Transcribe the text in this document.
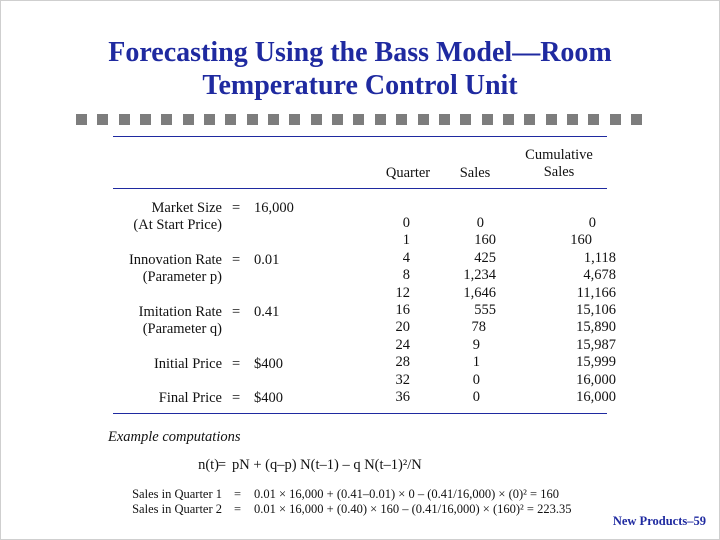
Forecasting Using the Bass Model—Room
Temperature Control Unit
Quarter	Sales
Cumulative
Sales
Market Size
(At Start Price)
= 16,000
Innovation Rate
(Parameter p)
= 0.01
Imitation Rate
(Parameter q)
= 0.41
Initial Price = $400
Final Price = $400
0
1
4
8
12
16
20
24
28
32
36
0
160
425
1,234
1,646
555
78
9
1
0
0
0
160
1,118
4,678
11,166
15,106
15,890
15,987
15,999
16,000
16,000
Example computations
n(t)
= pN + (q–p) N(t–1) – q N(t–1)²/N
Sales in Quarter 1 = 0.01 × 16,000 + (0.41–0.01) × 0 – (0.41/16,000) × (0)² = 160
Sales in Quarter 2 = 0.01 × 16,000 + (0.40) × 160 – (0.41/16,000) × (160)² = 223.35
New Products–59
